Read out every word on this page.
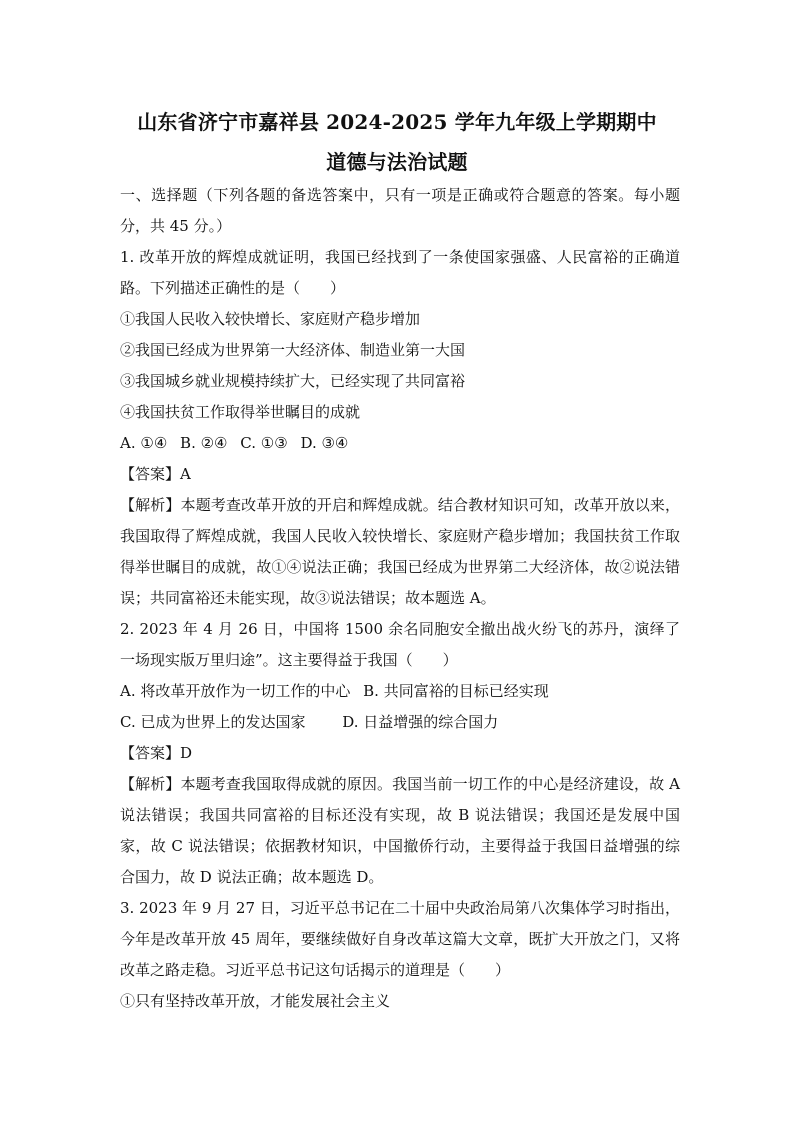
山东省济宁市嘉祥县 2024-2025 学年九年级上学期期中
道德与法治试题

一、选择题（下列各题的备选答案中，只有一项是正确或符合题意的答案。每小题分，共 45 分。）

1. 改革开放的辉煌成就证明，我国已经找到了一条使国家强盛、人民富裕的正确道路。下列描述正确性的是（　　）

①我国人民收入较快增长、家庭财产稳步增加

②我国已经成为世界第一大经济体、制造业第一大国

③我国城乡就业规模持续扩大，已经实现了共同富裕

④我国扶贫工作取得举世瞩目的成就

A. ①④ B. ②④ C. ①③ D. ③④

【答案】A

【解析】本题考查改革开放的开启和辉煌成就。结合教材知识可知，改革开放以来，我国取得了辉煌成就，我国人民收入较快增长、家庭财产稳步增加；我国扶贫工作取得举世瞩目的成就，故①④说法正确；我国已经成为世界第二大经济体，故②说法错误；共同富裕还未能实现，故③说法错误；故本题选 A。

2. 2023 年 4 月 26 日，中国将 1500 余名同胞安全撤出战火纷飞的苏丹，演绎了一场现实版万里归途”。这主要得益于我国（　　）

A. 将改革开放作为一切工作的中心 B. 共同富裕的目标已经实现

C. 已成为世界上的发达国家 D. 日益增强的综合国力

【答案】D

【解析】本题考查我国取得成就的原因。我国当前一切工作的中心是经济建设，故 A 说法错误；我国共同富裕的目标还没有实现，故 B 说法错误；我国还是发展中国家，故 C 说法错误；依据教材知识，中国撤侨行动，主要得益于我国日益增强的综合国力，故 D 说法正确；故本题选 D。

3. 2023 年 9 月 27 日，习近平总书记在二十届中央政治局第八次集体学习时指出，今年是改革开放 45 周年，要继续做好自身改革这篇大文章，既扩大开放之门，又将改革之路走稳。习近平总书记这句话揭示的道理是（　　）

①只有坚持改革开放，才能发展社会主义
